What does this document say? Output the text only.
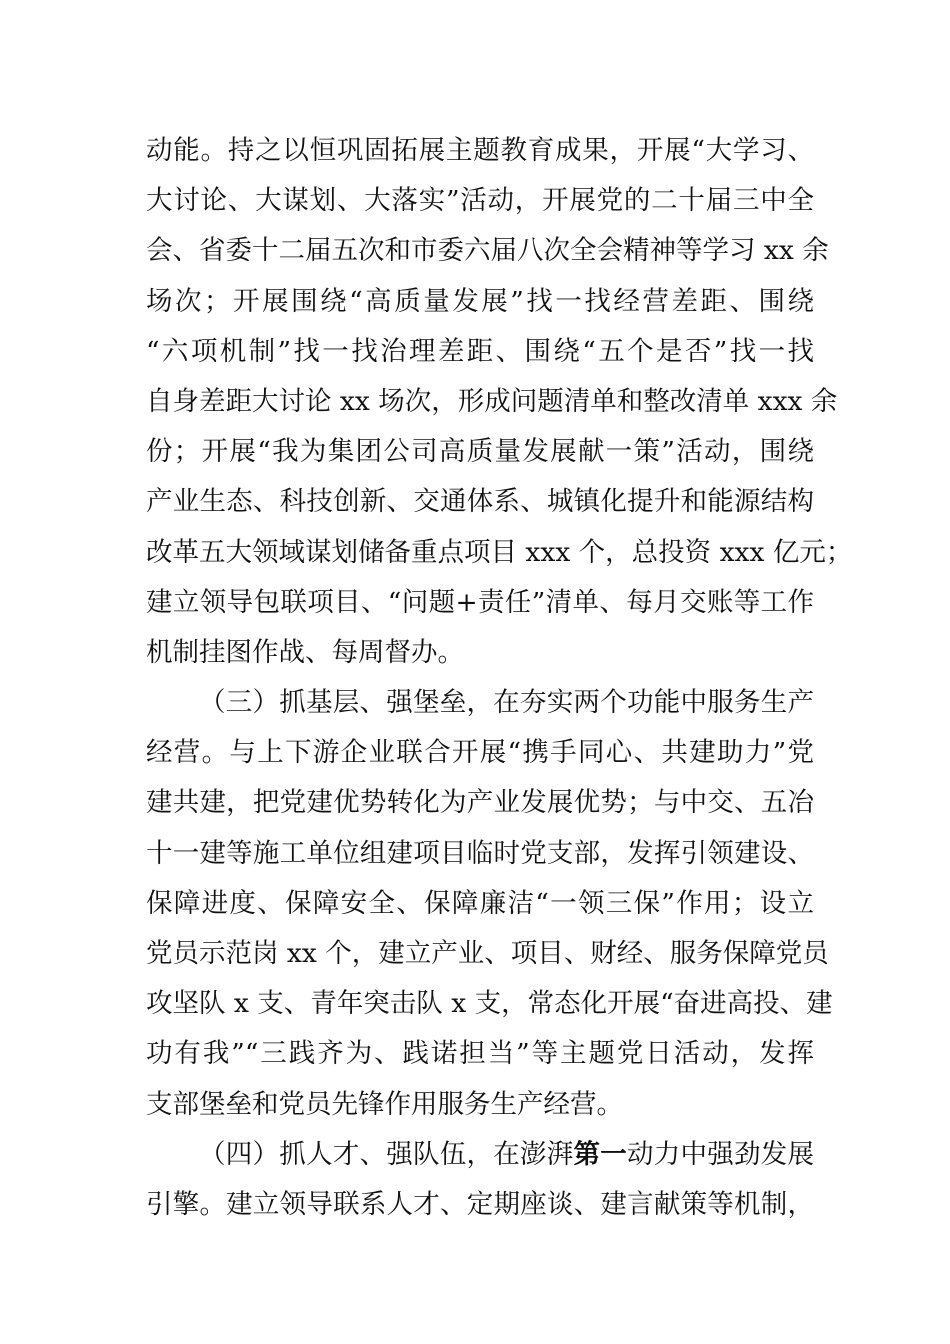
动能。持之以恒巩固拓展主题教育成果，开展“大学习、
大讨论、大谋划、大落实”活动，开展党的二十届三中全
会、省委十二届五次和市委六届八次全会精神等学习 xx 余
场次；开展围绕“高质量发展”找一找经营差距、围绕
“六项机制”找一找治理差距、围绕“五个是否”找一找
自身差距大讨论 xx 场次，形成问题清单和整改清单 xxx 余
份；开展“我为集团公司高质量发展献一策”活动，围绕
产业生态、科技创新、交通体系、城镇化提升和能源结构
改革五大领域谋划储备重点项目 xxx 个，总投资 xxx 亿元；
建立领导包联项目、“问题+责任”清单、每月交账等工作
机制挂图作战、每周督办。
（三）抓基层、强堡垒，在夯实两个功能中服务生产
经营。与上下游企业联合开展“携手同心、共建助力”党
建共建，把党建优势转化为产业发展优势；与中交、五冶
十一建等施工单位组建项目临时党支部，发挥引领建设、
保障进度、保障安全、保障廉洁“一领三保”作用；设立
党员示范岗 xx 个，建立产业、项目、财经、服务保障党员
攻坚队 x 支、青年突击队 x 支，常态化开展“奋进高投、建
功有我”“三践齐为、践诺担当”等主题党日活动，发挥
支部堡垒和党员先锋作用服务生产经营。
（四）抓人才、强队伍，在澎湃第一动力中强劲发展
引擎。建立领导联系人才、定期座谈、建言献策等机制，
